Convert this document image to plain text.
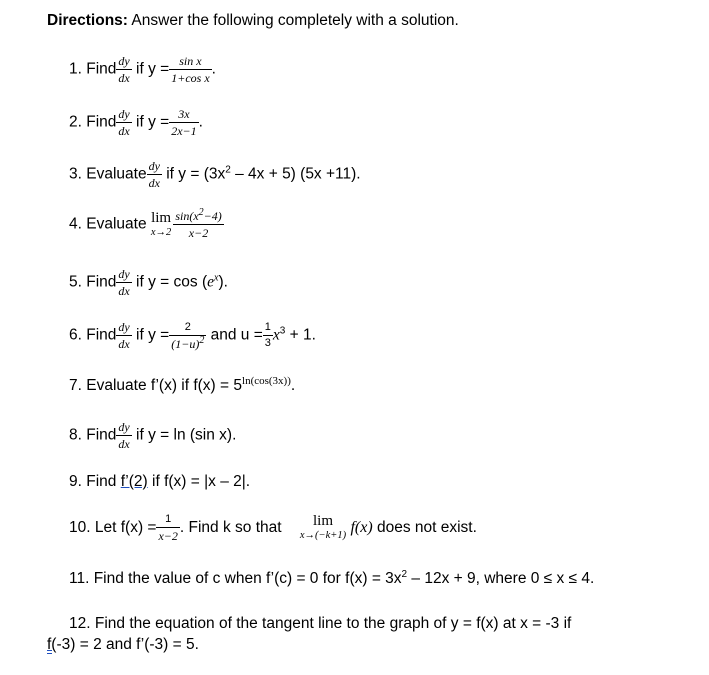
Directions: Answer the following completely with a solution.
1. Find $\frac{dy}{dx}$ if $y = \frac{\text{sin x}}{\text{1+cos x}}$ .
2. Find $\frac{dy}{dx}$ if $y = \frac{3x}{2x-1}$ .
3. Evaluate $\frac{dy}{dx}$ if $y = (3x^2 - 4x + 5)$ (5x +11).
4. Evaluate lim
$x\to 2 \frac{\sin(x^2-4)}{x-2}$
5. Find $\frac{dy}{dx}$ if $y = \cos (e^x)$.
6. Find $\frac{dy}{dx}$ if $y = \frac{2}{(1-u)^2}$ and $u = \frac{1}{3} x^3 + 1$.
7. Evaluate f’(x) if $f(x) = 5^{ln(cos(3x))}$.
8. Find $\frac{dy}{dx}$ if y = ln (sin x).
9. Find f’(2) if f(x) = |x – 2|.
10. Let $f(x) = \frac{1}{x-2}$ . Find k so that	lim
x→(−k+1) f(x) does not exist.
11. Find the value of c when f’(c) = 0 for $f(x) = 3x^2 - 12x + 9$, where 0 ≤ x ≤ 4.
12. Find the equation of the tangent line to the graph of y = f(x) at x = -3 if
f(-3) = 2 and f’(-3) = 5.
